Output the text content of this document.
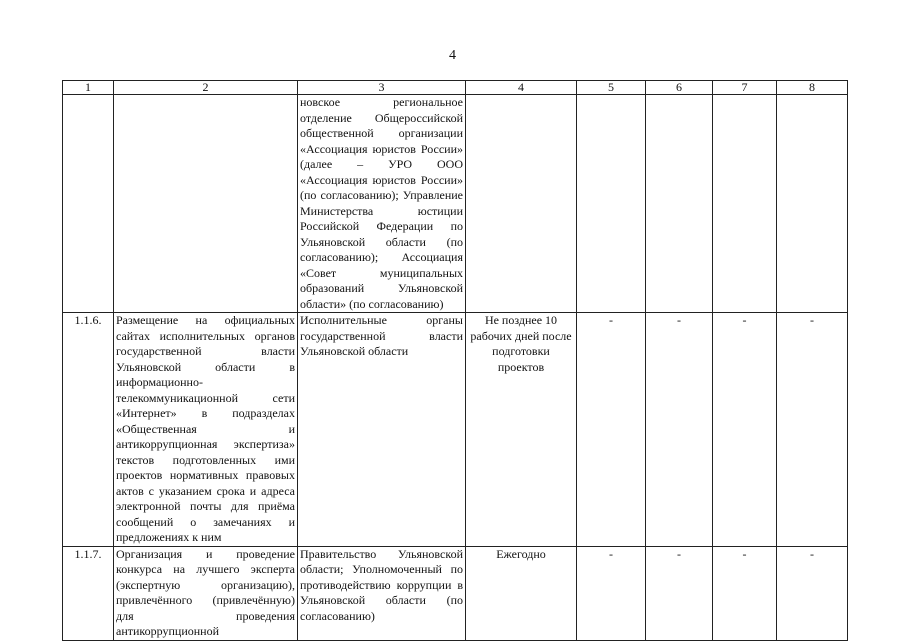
4
1	2	3	4	5	6	7	8
		новское региональное отделение Общероссийской общественной организации «Ассоциация юристов России» (далее – УРО ООО «Ассоциация юристов России» (по согласованию); Управление Министерства юстиции Российской Федерации по Ульяновской области (по согласованию); Ассоциация «Совет муниципальных образований Ульяновской области» (по согласованию)					
1.1.6.	Размещение на официальных сайтах исполнительных органов государственной власти Ульяновской области в информационно-телекоммуникационной сети «Интернет» в подразделах «Общественная и антикоррупционная экспертиза» текстов подготовленных ими проектов нормативных правовых актов с указанием срока и адреса электронной почты для приёма сообщений о замечаниях и предложениях к ним	Исполнительные органы государственной власти Ульяновской области	Не позднее 10 рабочих дней после подготовки проектов	-	-	-	-
1.1.7.	Организация и проведение конкурса на лучшего эксперта (экспертную организацию), привлечённого (привлечённую) для проведения антикоррупционной	Правительство Ульяновской области; Уполномоченный по противодействию коррупции в Ульяновской области (по согласованию)	Ежегодно	-	-	-	-
